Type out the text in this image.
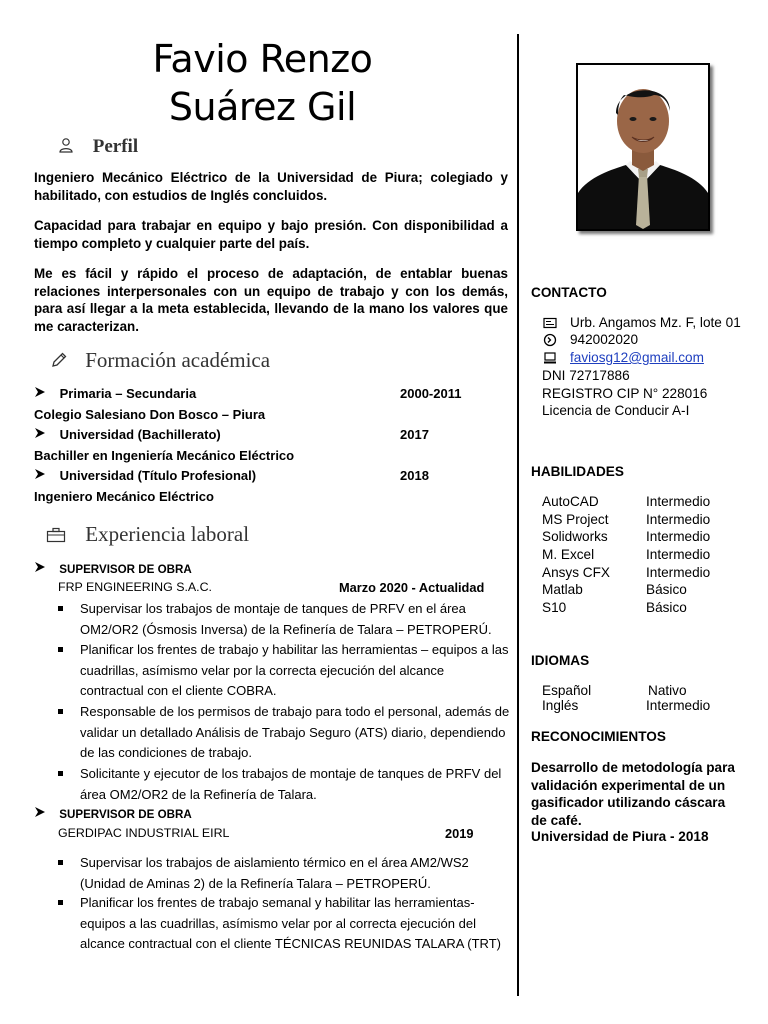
Favio Renzo
Suárez Gil
Perfil
Ingeniero Mecánico Eléctrico de la Universidad de Piura; colegiado y habilitado, con estudios de Inglés concluidos.
Capacidad para trabajar en equipo y bajo presión. Con disponibilidad a tiempo completo y cualquier parte del país.
Me es fácil y rápido el proceso de adaptación, de entablar buenas relaciones interpersonales con un equipo de trabajo y con los demás, para así llegar a la meta establecida, llevando de la mano los valores que me caracterizan.
Formación académica
Primaria – Secundaria	2000-2011
Colegio Salesiano Don Bosco – Piura
Universidad (Bachillerato)	2017
Bachiller en Ingeniería Mecánico Eléctrico
Universidad (Título Profesional)	2018
Ingeniero Mecánico Eléctrico
Experiencia laboral
SUPERVISOR DE OBRA
FRP ENGINEERING S.A.C.	Marzo 2020 - Actualidad
Supervisar los trabajos de montaje de tanques de PRFV en el área OM2/OR2 (Ósmosis Inversa) de la Refinería de Talara – PETROPERÚ.
Planificar los frentes de trabajo y habilitar las herramientas – equipos a las cuadrillas, asímismo velar por la correcta ejecución del alcance contractual con el cliente COBRA.
Responsable de los permisos de trabajo para todo el personal, además de validar un detallado Análisis de Trabajo Seguro (ATS) diario, dependiendo de las condiciones de trabajo.
Solicitante y ejecutor de los trabajos de montaje de tanques de PRFV del área OM2/OR2 de la Refinería de Talara.
SUPERVISOR DE OBRA
GERDIPAC INDUSTRIAL EIRL	2019
Supervisar los trabajos de aislamiento térmico en el área AM2/WS2 (Unidad de Aminas 2) de la Refinería Talara – PETROPERÚ.
Planificar los frentes de trabajo semanal y habilitar las herramientas-equipos a las cuadrillas, asímismo velar por al correcta ejecución del alcance contractual con el cliente TÉCNICAS REUNIDAS TALARA (TRT)
CONTACTO
Urb. Angamos Mz. F, lote 01
942002020
faviosg12@gmail.com
DNI 72717886
REGISTRO CIP N° 228016
Licencia de Conducir A-I
HABILIDADES
AutoCAD	Intermedio
MS Project	Intermedio
Solidworks	Intermedio
M. Excel	Intermedio
Ansys CFX	Intermedio
Matlab	Básico
S10	Básico
IDIOMAS
Español	Nativo
Inglés	Intermedio
RECONOCIMIENTOS
Desarrollo de metodología para validación experimental de un gasificador utilizando cáscara de café.
Universidad de Piura - 2018
